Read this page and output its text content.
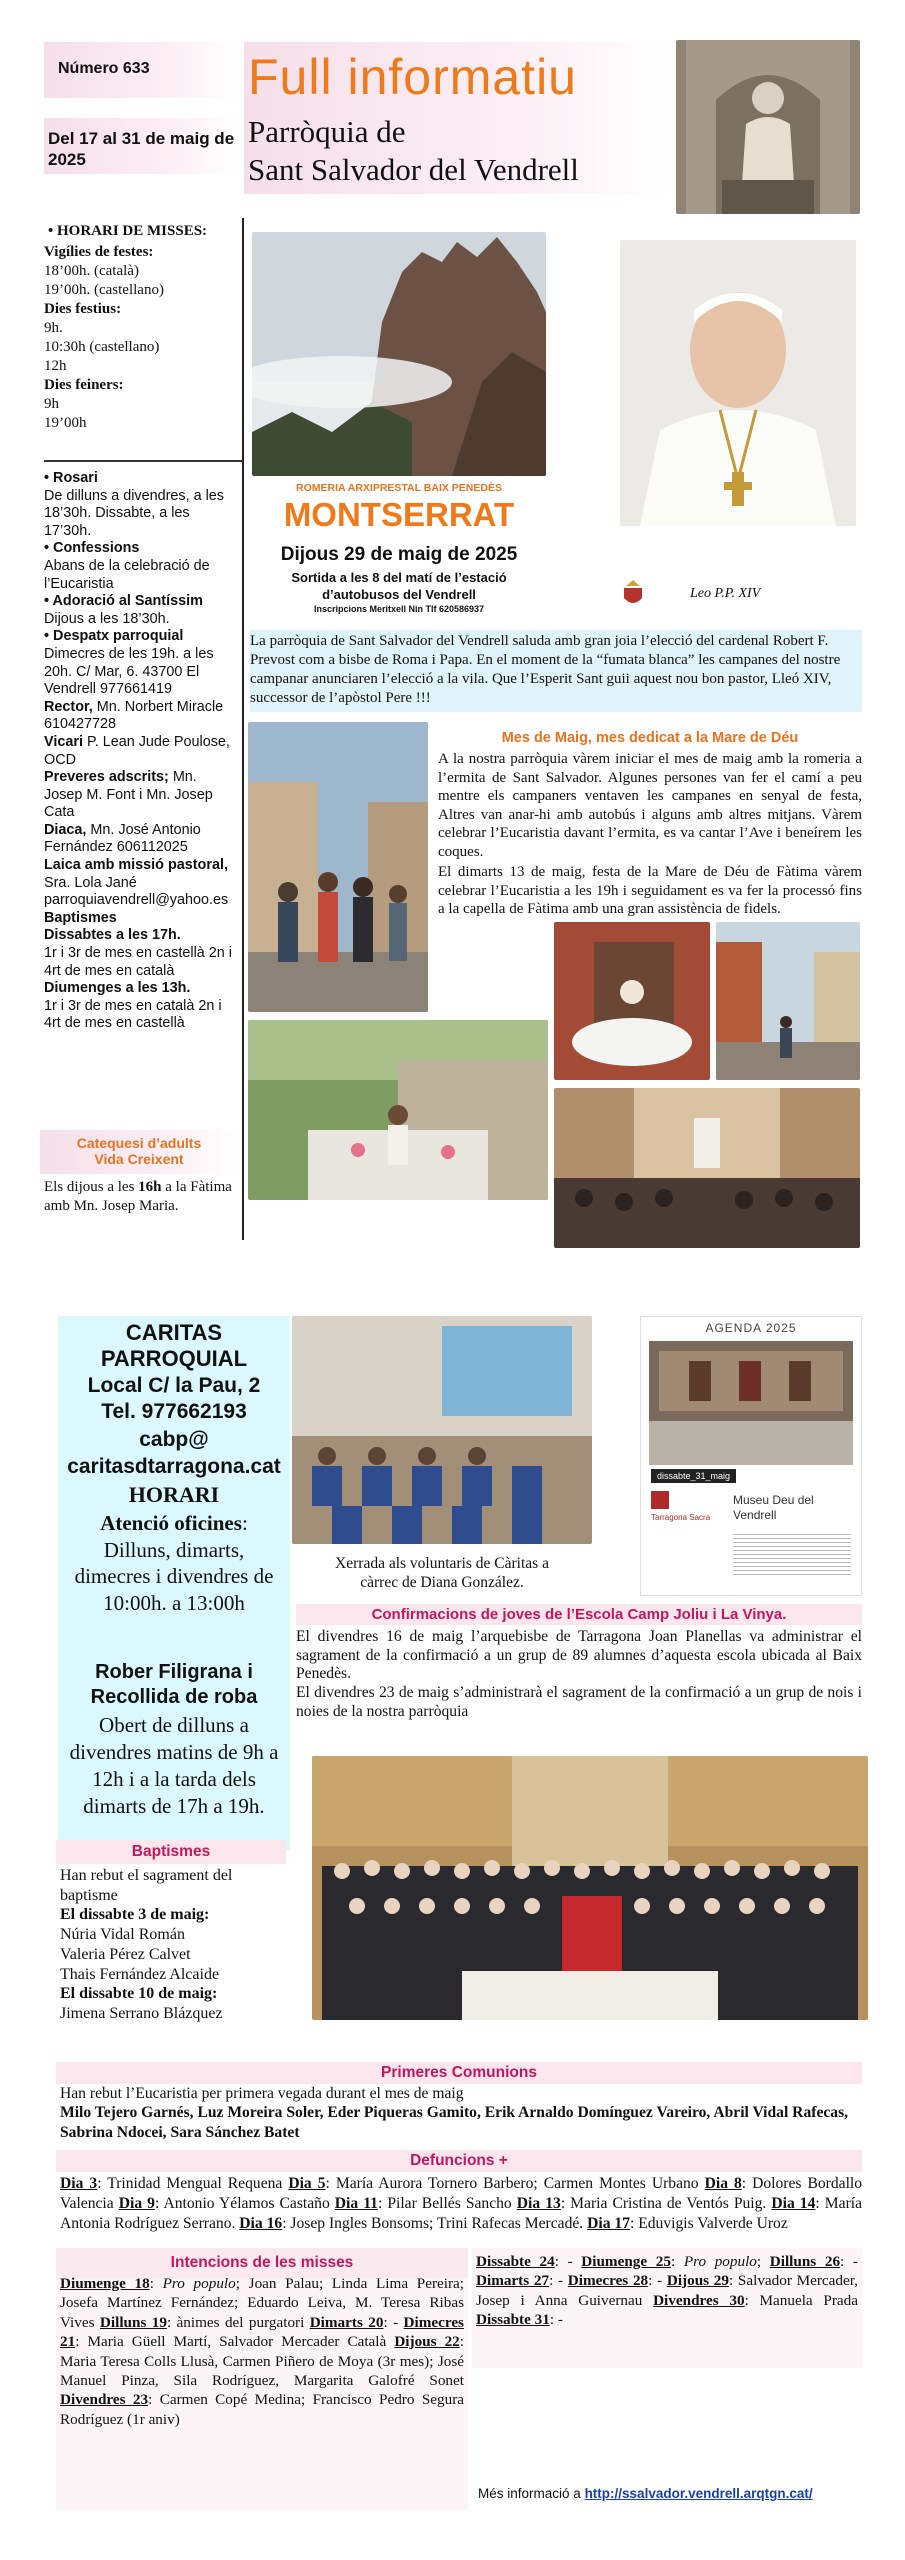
Número 633
Del 17 al 31 de maig de 2025
Full informatiu
Parròquia de
Sant Salvador del Vendrell
• HORARI DE MISSES:
Vigílies de festes:
18’00h. (català)
19’00h. (castellano)
Dies festius:
9h.
10:30h (castellano)
12h
Dies feiners:
9h
19’00h
• Rosari
De dilluns a divendres, a les 18’30h. Dissabte, a les 17’30h.
• Confessions
Abans de la celebració de l’Eucaristia
• Adoració al Santíssim
Dijous a les 18’30h.
• Despatx parroquial
Dimecres de les 19h. a les 20h. C/ Mar, 6. 43700 El Vendrell 977661419
Rector, Mn. Norbert Miracle 610427728
Vicari P. Lean Jude Poulose, OCD
Preveres adscrits; Mn. Josep M. Font i Mn. Josep Cata
Diaca, Mn. José Antonio Fernández 606112025
Laica amb missió pastoral, Sra. Lola Jané parroquiavendrell@yahoo.es
Baptismes
Dissabtes a les 17h.
1r i 3r de mes en castellà 2n i 4rt de mes en català
Diumenges a les 13h.
1r i 3r de mes en català 2n i 4rt de mes en castellà
Catequesi d’adults
Vida Creixent
Els dijous a les 16h a la Fàtima amb Mn. Josep Maria.
ROMERIA ARXIPRESTAL BAIX PENEDÈS
MONTSERRAT
Dijous 29 de maig de 2025
Sortida a les 8 del matí de l’estació
d’autobusos del Vendrell
Inscripcions Meritxell Nin Tlf 620586937
Leo P.P. XIV
La parròquia de Sant Salvador del Vendrell saluda amb gran joia l’elecció del cardenal Robert F. Prevost com a bisbe de Roma i Papa. En el moment de la “fumata blanca” les campanes del nostre campanar anunciaren l’elecció a la vila. Que l’Esperit Sant guii aquest nou bon pastor, Lleó XIV, successor de l’apòstol Pere !!!
Mes de Maig, mes dedicat a la Mare de Déu
A la nostra parròquia vàrem iniciar el mes de maig amb la romeria a l’ermita de Sant Salvador. Algunes persones van fer el camí a peu mentre els campaners ventaven les campanes en senyal de festa, Altres van anar-hi amb autobús i alguns amb altres mitjans. Vàrem celebrar l’Eucaristia davant l’ermita, es va cantar l’Ave i beneírem les coques.
El dimarts 13 de maig, festa de la Mare de Déu de Fàtima vàrem celebrar l’Eucaristia a les 19h i seguidament es va fer la processó fins a la capella de Fàtima amb una gran assistència de fidels.
CARITAS PARROQUIAL
Local C/ la Pau, 2
Tel. 977662193
cabp@ caritasdtarragona.cat
HORARI
Atenció oficines: Dilluns, dimarts, dimecres i divendres de 10:00h. a 13:00h
Rober Filigrana i Recollida de roba
Obert de dilluns a divendres matins de 9h a 12h i a la tarda dels dimarts de 17h a 19h.
Xerrada als voluntaris de Càritas a càrrec de Diana González.
AGENDA 2025
dissabte_31_maig
Tarragona Sacra
Museu Deu del Vendrell
Confirmacions de joves de l’Escola Camp Joliu i La Vinya.
El divendres 16 de maig l’arquebisbe de Tarragona Joan Planellas va administrar el sagrament de la confirmació a un grup de 89 alumnes d’aquesta escola ubicada al Baix Penedès.
El divendres 23 de maig s’administrarà el sagrament de la confirmació a un grup de nois i noies de la nostra parròquia
Baptismes
Han rebut el sagrament del baptisme
El dissabte 3 de maig:
Núria Vidal Román
Valeria Pérez Calvet
Thais Fernández Alcaide
El dissabte 10 de maig:
Jimena Serrano Blázquez
Primeres Comunions
Han rebut l’Eucaristia per primera vegada durant el mes de maig
Milo Tejero Garnés, Luz Moreira Soler, Eder Piqueras Gamito, Erik Arnaldo Domínguez Vareiro, Abril Vidal Rafecas, Sabrina Ndocei, Sara Sánchez Batet
Defuncions +
Dia 3: Trinidad Mengual Requena Dia 5: María Aurora Tornero Barbero; Carmen Montes Urbano Dia 8: Dolores Bordallo Valencia Dia 9: Antonio Yélamos Castaño Dia 11: Pilar Bellés Sancho Dia 13: Maria Cristina de Ventós Puig. Dia 14: María Antonia Rodríguez Serrano. Dia 16: Josep Ingles Bonsoms; Trini Rafecas Mercadé. Dia 17: Eduvigis Valverde Uroz
Intencions de les misses
Diumenge 18: Pro populo; Joan Palau; Linda Lima Pereira; Josefa Martínez Fernández; Eduardo Leiva, M. Teresa Ribas Vives Dilluns 19: ànimes del purgatori Dimarts 20: - Dimecres 21: Maria Güell Martí, Salvador Mercader Català Dijous 22: Maria Teresa Colls Llusà, Carmen Piñero de Moya (3r mes); José Manuel Pinza, Sila Rodríguez, Margarita Galofré Sonet Divendres 23: Carmen Copé Medina; Francisco Pedro Segura Rodríguez (1r aniv)
Dissabte 24: - Diumenge 25: Pro populo; Dilluns 26: - Dimarts 27: - Dimecres 28: - Dijous 29: Salvador Mercader, Josep i Anna Guivernau Divendres 30: Manuela Prada Dissabte 31: -
Més informació a http://ssalvador.vendrell.arqtgn.cat/
